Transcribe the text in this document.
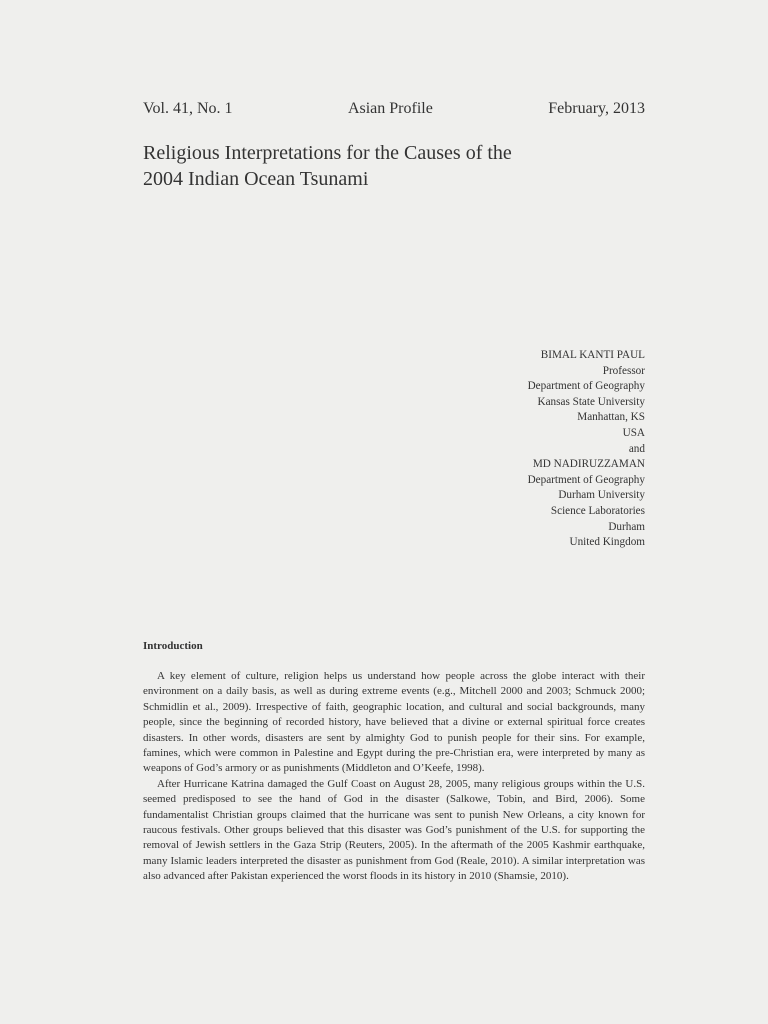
Vol. 41, No. 1	Asian Profile	February, 2013
Religious Interpretations for the Causes of the
2004 Indian Ocean Tsunami
BIMAL KANTI PAUL
Professor
Department of Geography
Kansas State University
Manhattan, KS
USA
and
MD NADIRUZZAMAN
Department of Geography
Durham University
Science Laboratories
Durham
United Kingdom
Introduction

A key element of culture, religion helps us understand how people across the globe interact with their environment on a daily basis, as well as during extreme events (e.g., Mitchell 2000 and 2003; Schmuck 2000; Schmidlin et al., 2009). Irrespective of faith, geographic location, and cultural and social backgrounds, many people, since the beginning of recorded history, have believed that a divine or external spiritual force creates disasters. In other words, disasters are sent by almighty God to punish people for their sins. For example, famines, which were common in Palestine and Egypt during the pre-Christian era, were interpreted by many as weapons of God’s armory or as punishments (Middleton and O’Keefe, 1998).

After Hurricane Katrina damaged the Gulf Coast on August 28, 2005, many religious groups within the U.S. seemed predisposed to see the hand of God in the disaster (Salkowe, Tobin, and Bird, 2006). Some fundamentalist Christian groups claimed that the hurricane was sent to punish New Orleans, a city known for raucous festivals. Other groups believed that this disaster was God’s punishment of the U.S. for supporting the removal of Jewish settlers in the Gaza Strip (Reuters, 2005). In the aftermath of the 2005 Kashmir earthquake, many Islamic leaders interpreted the disaster as punishment from God (Reale, 2010). A similar interpretation was also advanced after Pakistan experienced the worst floods in its history in 2010 (Shamsie, 2010).
